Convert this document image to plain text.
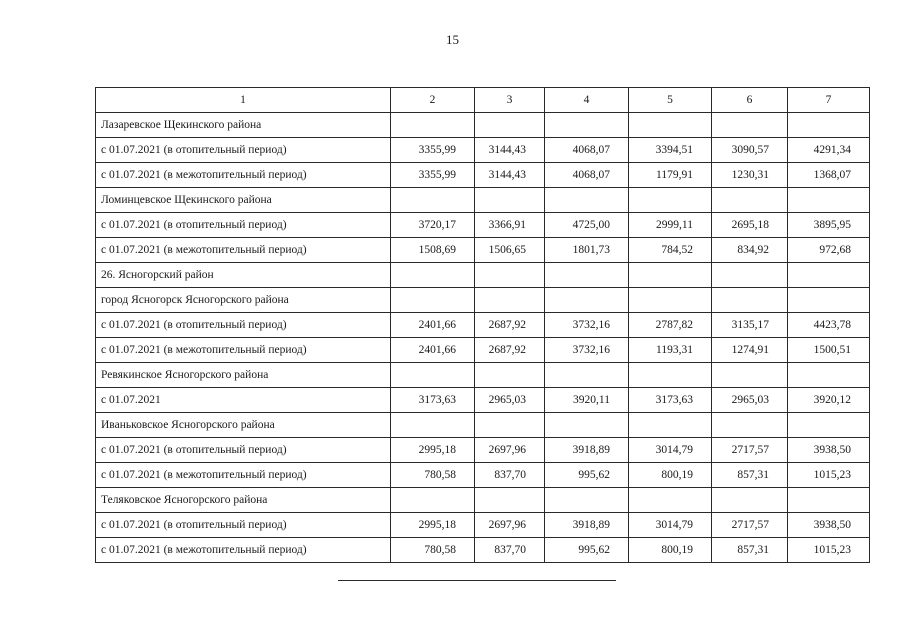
15
1	2	3	4	5	6	7
Лазаревское Щекинского района						
с 01.07.2021 (в отопительный период)	3355,99	3144,43	4068,07	3394,51	3090,57	4291,34
с 01.07.2021 (в межотопительный период)	3355,99	3144,43	4068,07	1179,91	1230,31	1368,07
Ломинцевское Щекинского района						
с 01.07.2021 (в отопительный период)	3720,17	3366,91	4725,00	2999,11	2695,18	3895,95
с 01.07.2021 (в межотопительный период)	1508,69	1506,65	1801,73	784,52	834,92	972,68
26. Ясногорский район						
город Ясногорск Ясногорского района						
с 01.07.2021 (в отопительный период)	2401,66	2687,92	3732,16	2787,82	3135,17	4423,78
с 01.07.2021 (в межотопительный период)	2401,66	2687,92	3732,16	1193,31	1274,91	1500,51
Ревякинское Ясногорского района						
с 01.07.2021	3173,63	2965,03	3920,11	3173,63	2965,03	3920,12
Иваньковское Ясногорского района						
с 01.07.2021 (в отопительный период)	2995,18	2697,96	3918,89	3014,79	2717,57	3938,50
с 01.07.2021 (в межотопительный период)	780,58	837,70	995,62	800,19	857,31	1015,23
Теляковское Ясногорского района						
с 01.07.2021 (в отопительный период)	2995,18	2697,96	3918,89	3014,79	2717,57	3938,50
с 01.07.2021 (в межотопительный период)	780,58	837,70	995,62	800,19	857,31	1015,23
